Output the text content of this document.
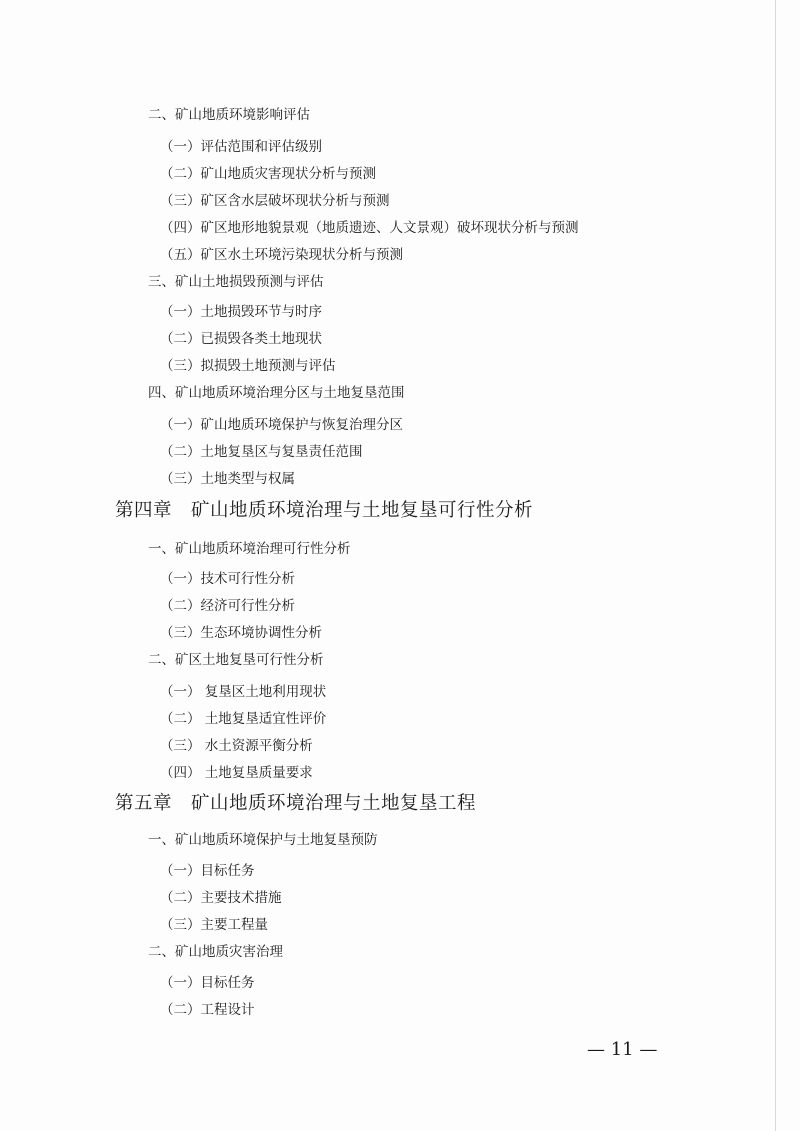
二、矿山地质环境影响评估
（一）评估范围和评估级别
（二）矿山地质灾害现状分析与预测
（三）矿区含水层破坏现状分析与预测
（四）矿区地形地貌景观（地质遗迹、人文景观）破坏现状分析与预测
（五）矿区水土环境污染现状分析与预测
三、矿山土地损毁预测与评估
（一）土地损毁环节与时序
（二）已损毁各类土地现状
（三）拟损毁土地预测与评估
四、矿山地质环境治理分区与土地复垦范围
（一）矿山地质环境保护与恢复治理分区
（二）土地复垦区与复垦责任范围
（三）土地类型与权属
第四章　矿山地质环境治理与土地复垦可行性分析
一、矿山地质环境治理可行性分析
（一）技术可行性分析
（二）经济可行性分析
（三）生态环境协调性分析
二、矿区土地复垦可行性分析
（一） 复垦区土地利用现状
（二） 土地复垦适宜性评价
（三） 水土资源平衡分析
（四） 土地复垦质量要求
第五章　矿山地质环境治理与土地复垦工程
一、矿山地质环境保护与土地复垦预防
（一）目标任务
（二）主要技术措施
（三）主要工程量
二、矿山地质灾害治理
（一）目标任务
（二）工程设计
— 11 —
